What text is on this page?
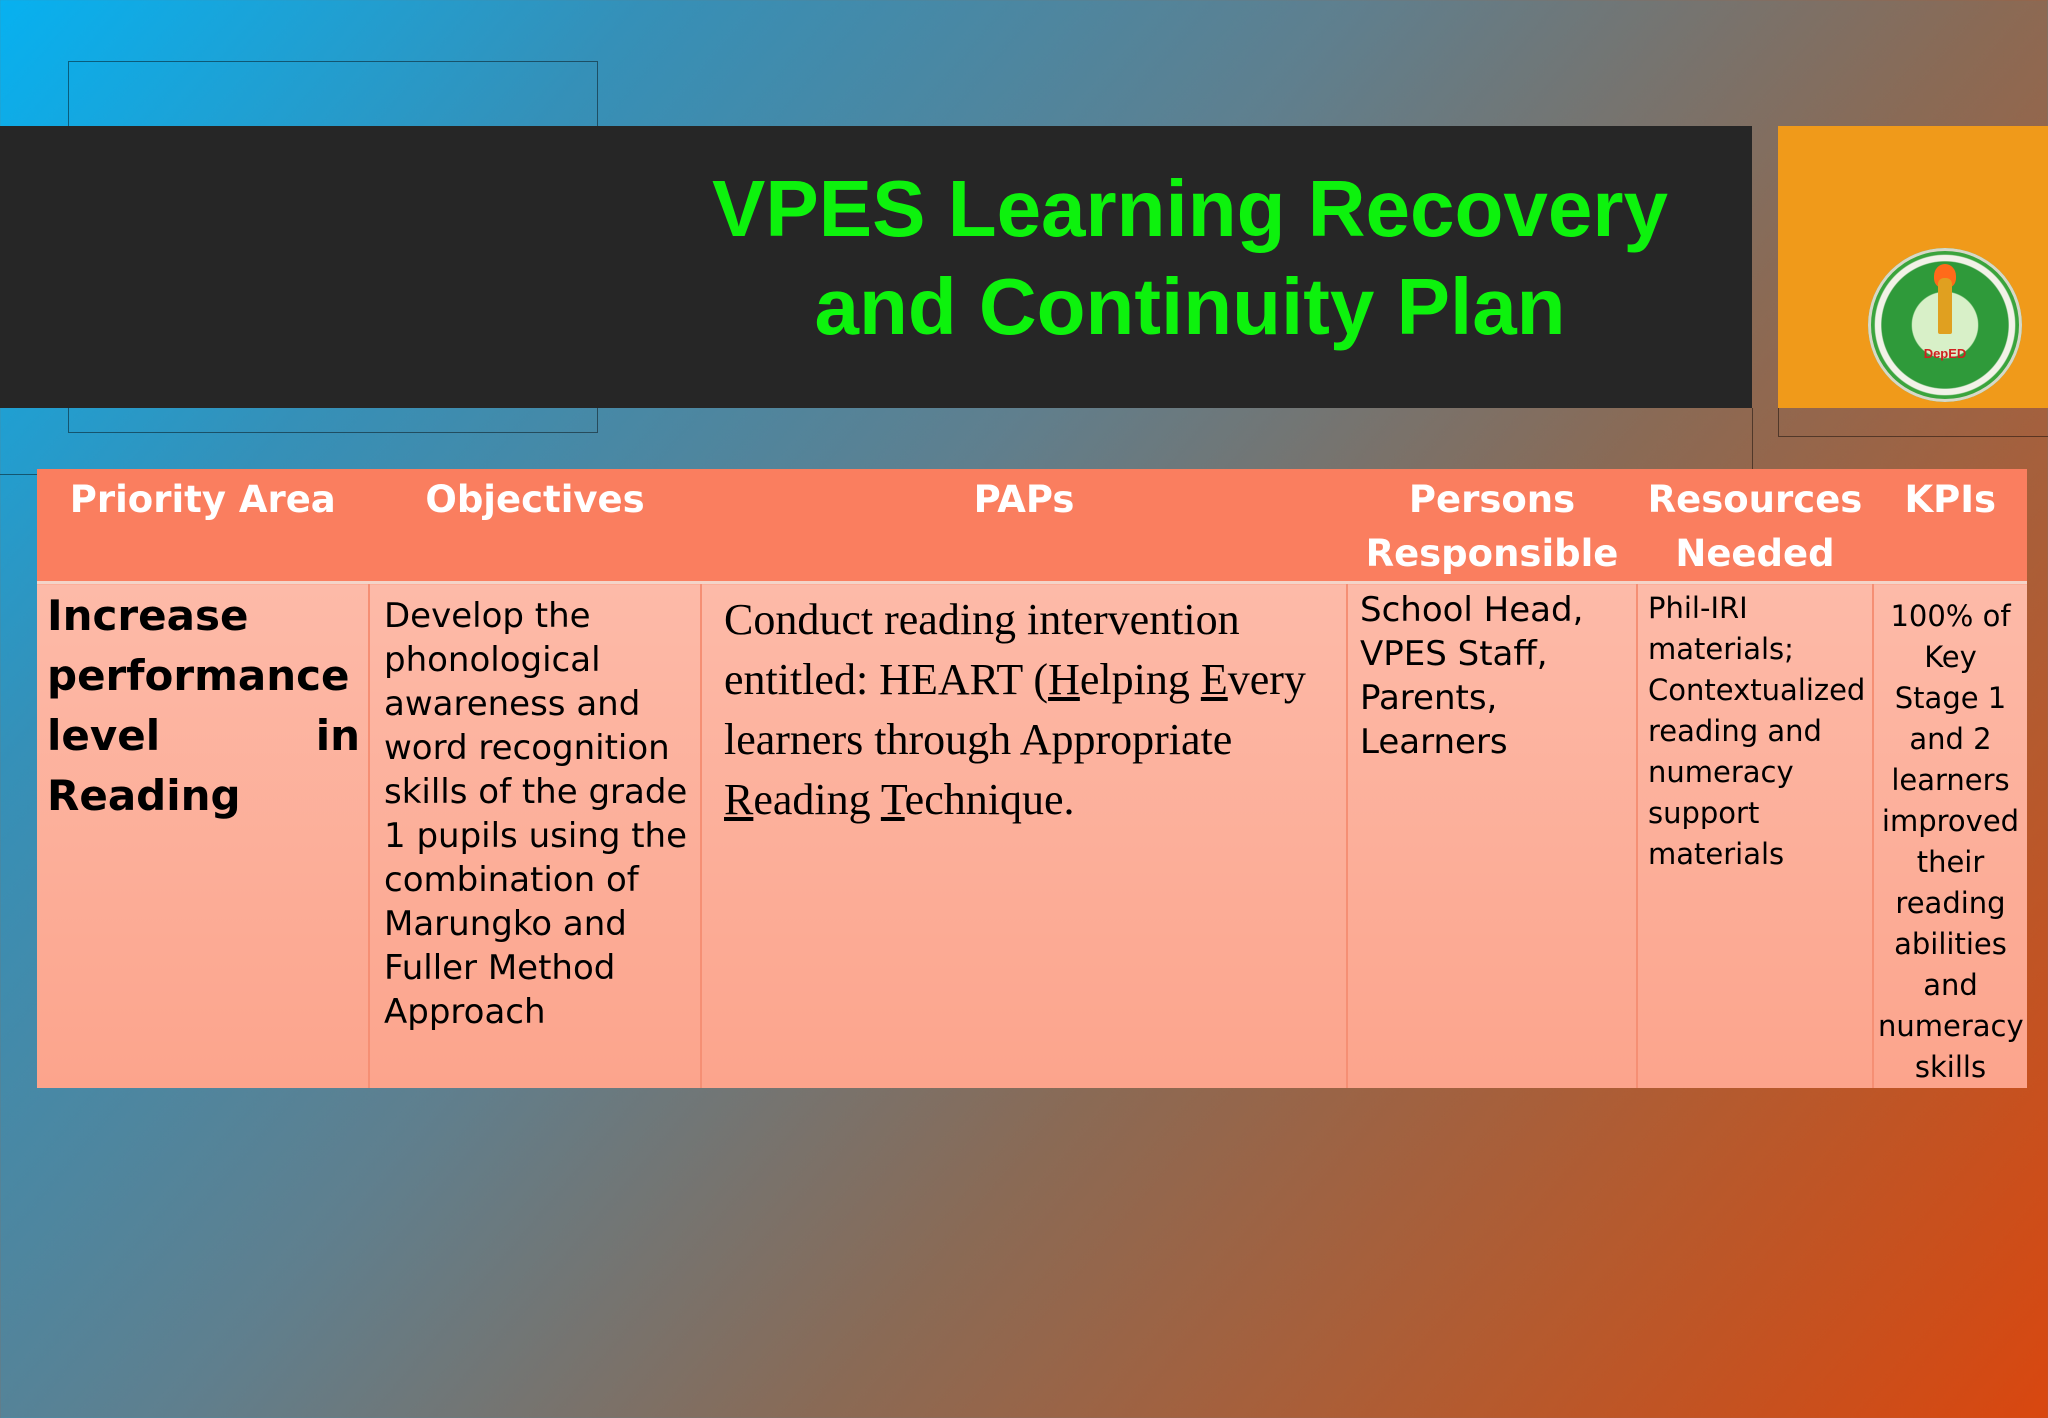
VPES Learning Recovery
and Continuity Plan
DepED
Priority Area	Objectives	PAPs	Persons Responsible	Resources Needed	KPIs
Increase performance level in Reading	Develop the phonological awareness and word recognition skills of the grade 1 pupils using the combination of Marungko and Fuller Method Approach	Conduct reading intervention entitled: HEART (Helping Every learners through Appropriate Reading Technique.	School Head, VPES Staff, Parents, Learners	Phil-IRI materials; Contextualized reading and numeracy support materials	100% of Key Stage 1 and 2 learners improved their reading abilities and numeracy skills
